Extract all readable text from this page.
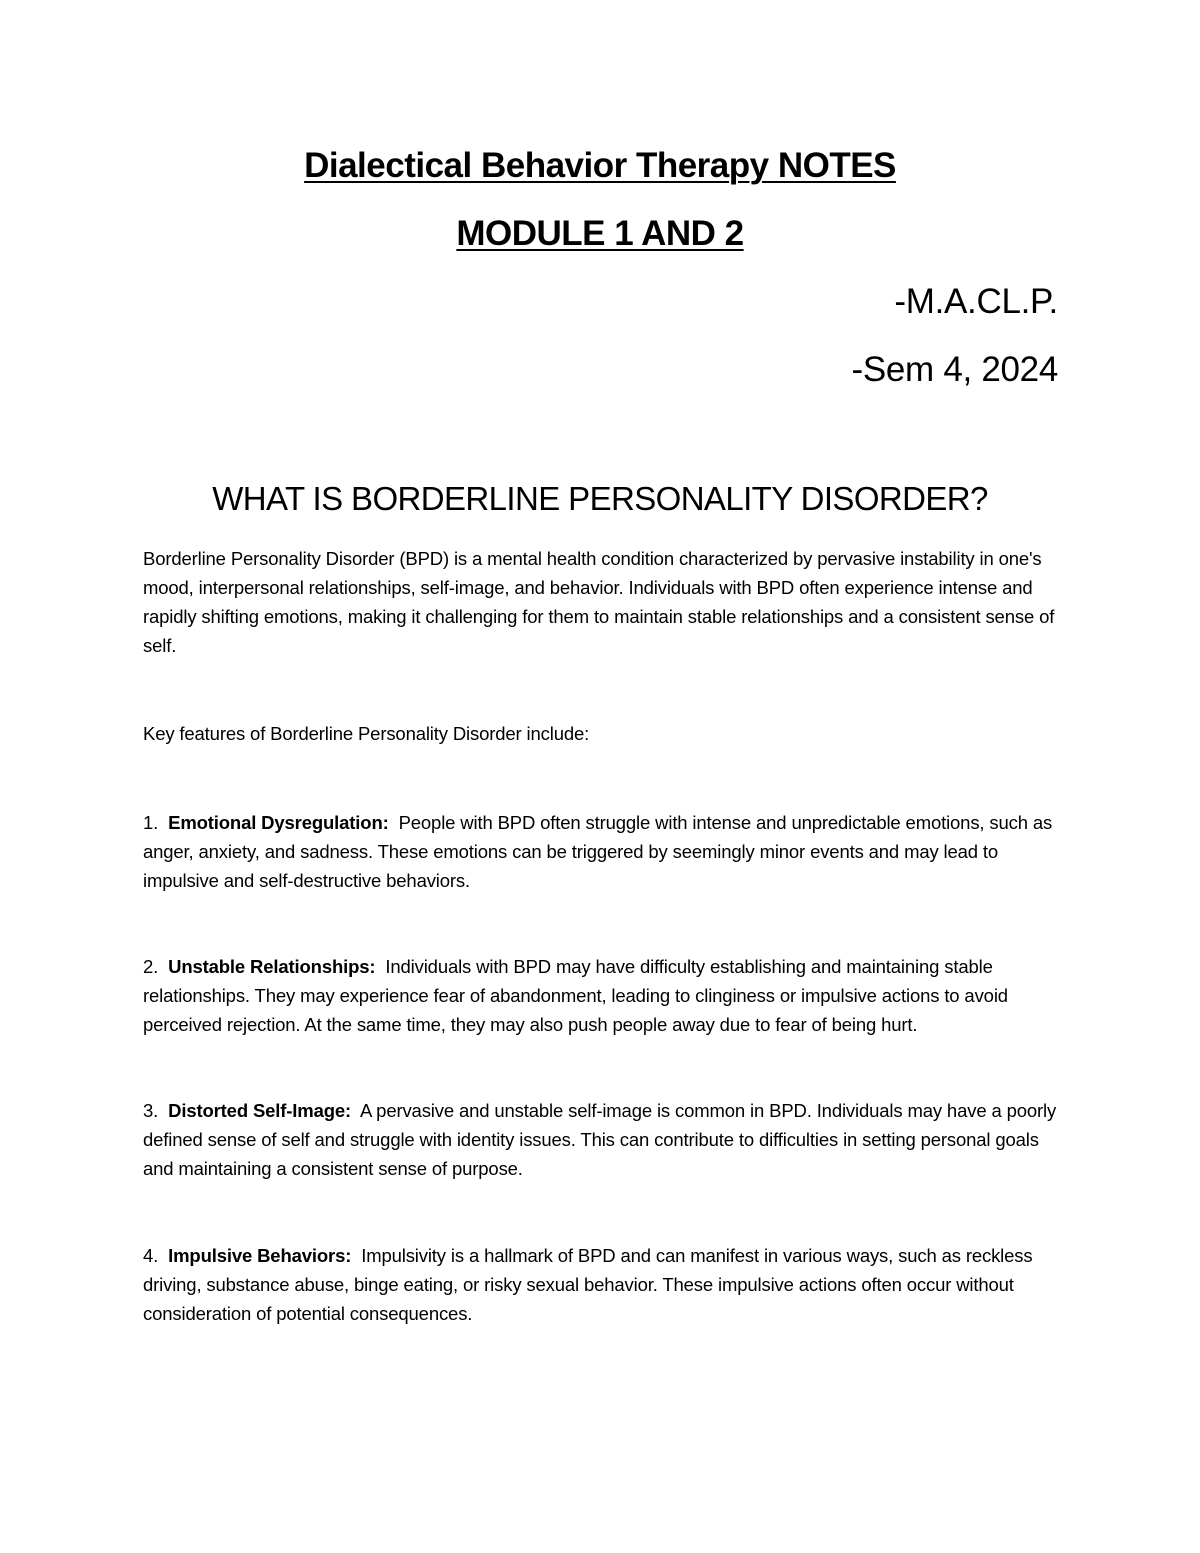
Dialectical Behavior Therapy NOTES
MODULE 1 AND 2
-M.A.CL.P.
-Sem 4, 2024
WHAT IS BORDERLINE PERSONALITY DISORDER?
Borderline Personality Disorder (BPD) is a mental health condition characterized by pervasive instability in one's mood, interpersonal relationships, self-image, and behavior. Individuals with BPD often experience intense and rapidly shifting emotions, making it challenging for them to maintain stable relationships and a consistent sense of self.
Key features of Borderline Personality Disorder include:
1. Emotional Dysregulation: People with BPD often struggle with intense and unpredictable emotions, such as anger, anxiety, and sadness. These emotions can be triggered by seemingly minor events and may lead to impulsive and self-destructive behaviors.
2. Unstable Relationships: Individuals with BPD may have difficulty establishing and maintaining stable relationships. They may experience fear of abandonment, leading to clinginess or impulsive actions to avoid perceived rejection. At the same time, they may also push people away due to fear of being hurt.
3. Distorted Self-Image: A pervasive and unstable self-image is common in BPD. Individuals may have a poorly defined sense of self and struggle with identity issues. This can contribute to difficulties in setting personal goals and maintaining a consistent sense of purpose.
4. Impulsive Behaviors: Impulsivity is a hallmark of BPD and can manifest in various ways, such as reckless driving, substance abuse, binge eating, or risky sexual behavior. These impulsive actions often occur without consideration of potential consequences.
